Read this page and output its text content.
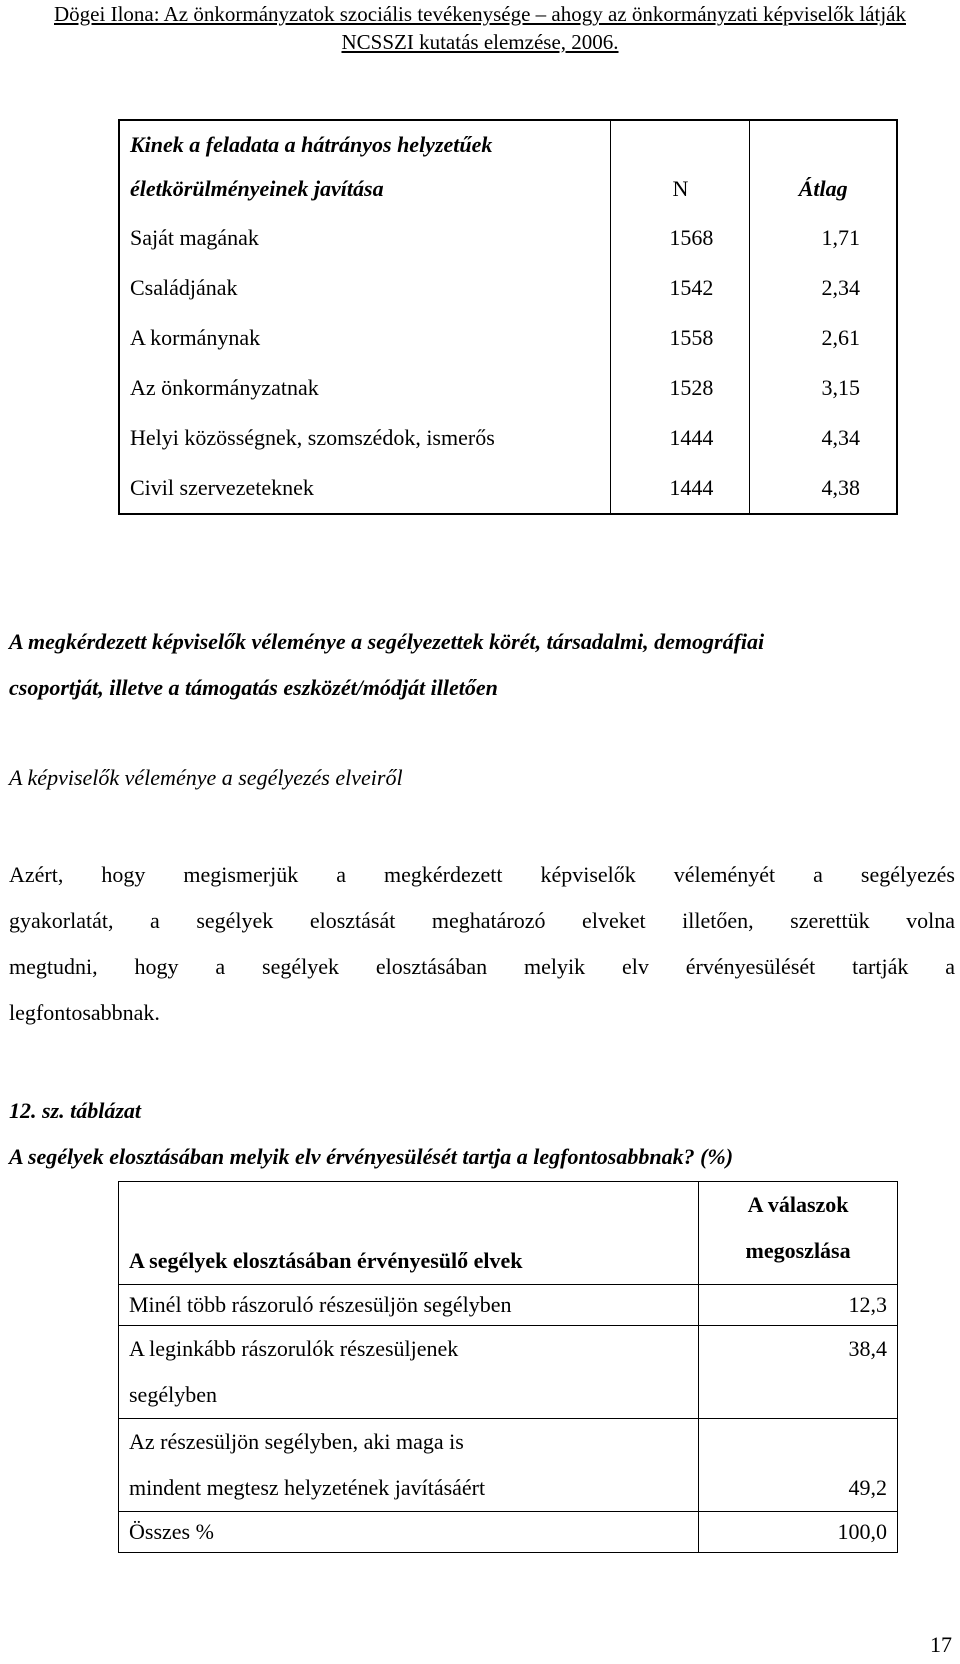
Dögei Ilona: Az önkormányzatok szociális tevékenysége – ahogy az önkormányzati képviselők látják
NCSSZI kutatás elemzése, 2006.
Kinek a feladata a hátrányos helyzetűek		
életkörülményeinek javítása	N	Átlag
Saját magának	1568	1,71
Családjának	1542	2,34
A kormánynak	1558	2,61
Az önkormányzatnak	1528	3,15
Helyi közösségnek, szomszédok, ismerős	1444	4,34
Civil szervezeteknek	1444	4,38
A megkérdezett képviselők véleménye a segélyezettek körét, társadalmi, demográfiai
csoportját, illetve a támogatás eszközét/módját illetően
A képviselők véleménye a segélyezés elveiről
Azért, hogy megismerjük a megkérdezett képviselők véleményét a segélyezés
gyakorlatát, a segélyek elosztását meghatározó elveket illetően, szerettük volna
megtudni, hogy a segélyek elosztásában melyik elv érvényesülését tartják a
legfontosabbnak.
12. sz. táblázat
A segélyek elosztásában melyik elv érvényesülését tartja a legfontosabbnak? (%)
A segélyek elosztásában érvényesülő elvek	A válaszok
megoszlása

Minél több rászoruló részesüljön segélyben	12,3

A leginkább rászorulók részesüljenek
segélyben	38,4

Az részesüljön segélyben, aki maga is
mindent megtesz helyzetének javításáért	49,2
Összes %	100,0
17
